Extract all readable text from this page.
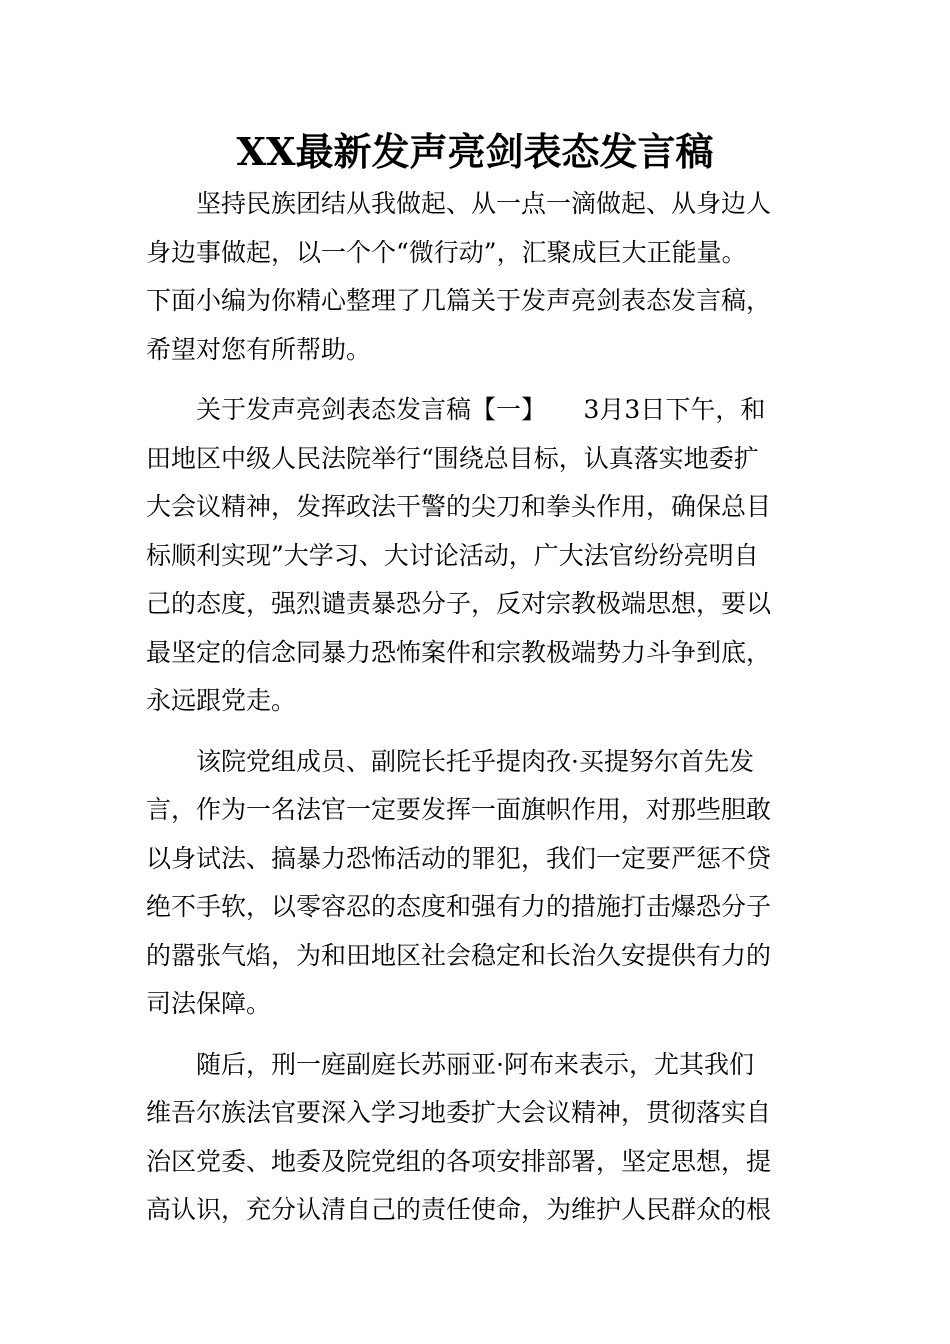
XX最新发声亮剑表态发言稿
坚持民族团结从我做起、从一点一滴做起、从身边人
身边事做起，以一个个“微行动”，汇聚成巨大正能量。
下面小编为你精心整理了几篇关于发声亮剑表态发言稿，
希望对您有所帮助。
关于发声亮剑表态发言稿【一】　　3月3日下午，和
田地区中级人民法院举行“围绕总目标，认真落实地委扩
大会议精神，发挥政法干警的尖刀和拳头作用，确保总目
标顺利实现”大学习、大讨论活动，广大法官纷纷亮明自
己的态度，强烈谴责暴恐分子，反对宗教极端思想，要以
最坚定的信念同暴力恐怖案件和宗教极端势力斗争到底，
永远跟党走。
该院党组成员、副院长托乎提肉孜·买提努尔首先发
言，作为一名法官一定要发挥一面旗帜作用，对那些胆敢
以身试法、搞暴力恐怖活动的罪犯，我们一定要严惩不贷
绝不手软，以零容忍的态度和强有力的措施打击爆恐分子
的嚣张气焰，为和田地区社会稳定和长治久安提供有力的
司法保障。
随后，刑一庭副庭长苏丽亚·阿布来表示，尤其我们
维吾尔族法官要深入学习地委扩大会议精神，贯彻落实自
治区党委、地委及院党组的各项安排部署，坚定思想，提
高认识，充分认清自己的责任使命，为维护人民群众的根
